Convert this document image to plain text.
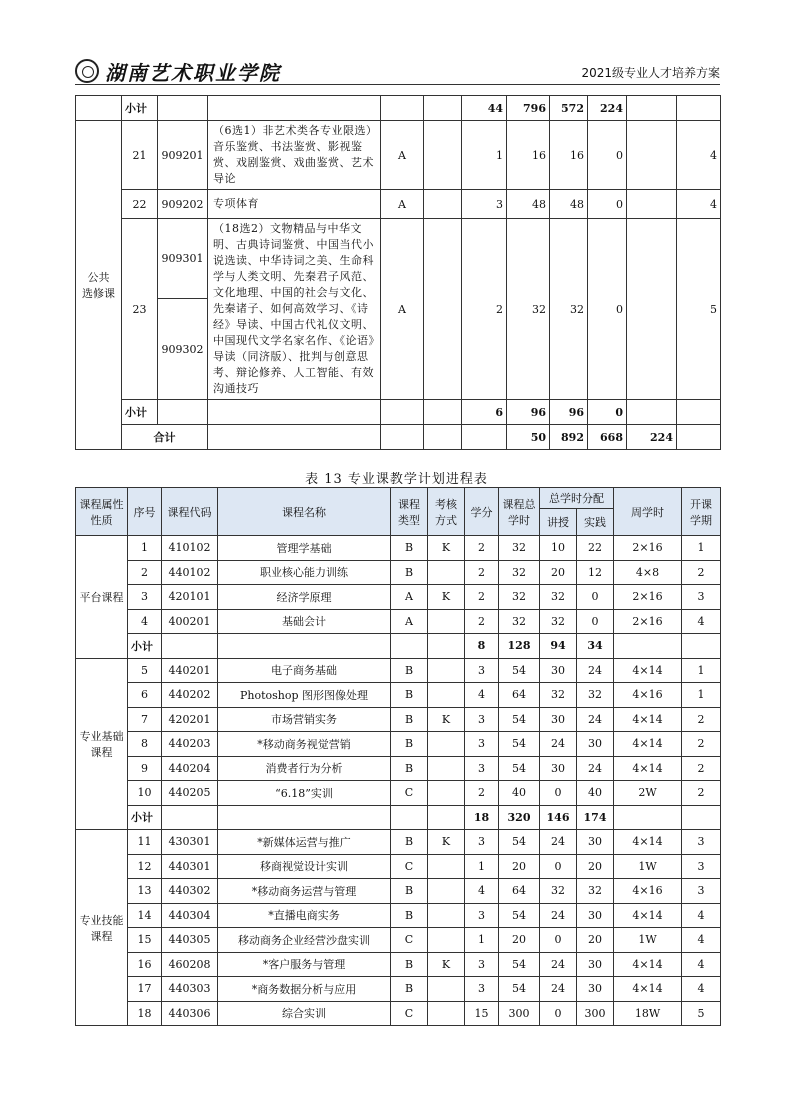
湖南艺术职业学院	2021级专业人才培养方案
	小计					44	796	572	224			
公共
选修课	21	909201	（6选1）非艺术类各专业限选）音乐鉴赏、书法鉴赏、影视鉴赏、戏剧鉴赏、戏曲鉴赏、艺术导论	A		1	16	16	0		4	
	22	909202	专项体育	A		3	48	48	0		4	
	23	909301	（18选2）文物精品与中华文明、古典诗词鉴赏、中国当代小说选读、中华诗词之美、生命科学与人类文明、先秦君子风范、文化地理、中国的社会与文化、先秦诸子、如何高效学习、《诗经》导读、中国古代礼仪文明、中国现代文学名家名作、《论语》导读（同济版）、批判与创意思考、辩论修养、人工智能、有效沟通技巧	A		2	32	32	0		5	
		909302										
	小计					6	96	96	0			
	合计						50	892	668	224		
表 13 专业课教学计划进程表
课程属性性质	序号	课程代码	课程名称	课程类型	考核方式	学分	课程总学时	总学时分配		周学时	开课学期
								讲授	实践		
平台课程	1	410102	管理学基础	B	K	2	32	10	22	2×16	1
	2	440102	职业核心能力训练	B		2	32	20	12	4×8	2
	3	420101	经济学原理	A	K	2	32	32	0	2×16	3
	4	400201	基础会计	A		2	32	32	0	2×16	4
	小计					8	128	94	34		
专业基础
课程	5	440201	电子商务基础	B		3	54	30	24	4×14	1
	6	440202	Photoshop 图形图像处理	B		4	64	32	32	4×16	1
	7	420201	市场营销实务	B	K	3	54	30	24	4×14	2
	8	440203	*移动商务视觉营销	B		3	54	24	30	4×14	2
	9	440204	消费者行为分析	B		3	54	30	24	4×14	2
	10	440205	“6.18”实训	C		2	40	0	40	2W	2
	小计					18	320	146	174		
专业技能
课程	11	430301	*新媒体运营与推广	B	K	3	54	24	30	4×14	3
	12	440301	移商视觉设计实训	C		1	20	0	20	1W	3
	13	440302	*移动商务运营与管理	B		4	64	32	32	4×16	3
	14	440304	*直播电商实务	B		3	54	24	30	4×14	4
	15	440305	移动商务企业经营沙盘实训	C		1	20	0	20	1W	4
	16	460208	*客户服务与管理	B	K	3	54	24	30	4×14	4
	17	440303	*商务数据分析与应用	B		3	54	24	30	4×14	4
	18	440306	综合实训	C		15	300	0	300	18W	5
